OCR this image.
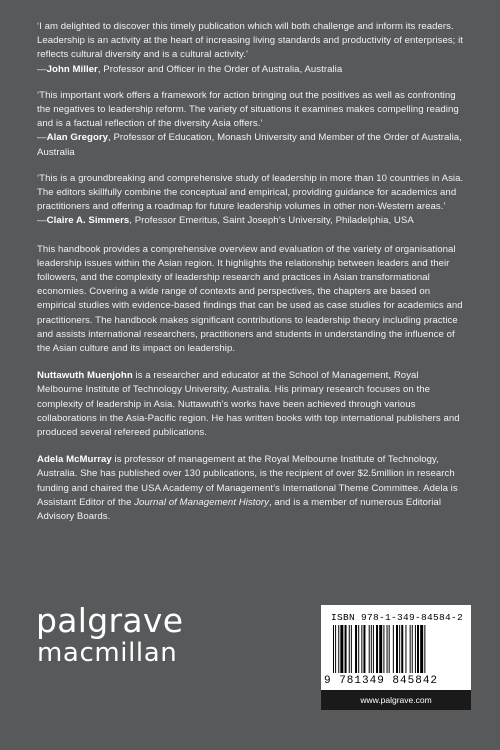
‘I am delighted to discover this timely publication which will both challenge and inform its readers. Leadership is an activity at the heart of increasing living standards and productivity of enterprises; it reflects cultural diversity and is a cultural activity.’
—John Miller, Professor and Officer in the Order of Australia, Australia

‘This important work offers a framework for action bringing out the positives as well as confronting the negatives to leadership reform. The variety of situations it examines makes compelling reading and is a factual reflection of the diversity Asia offers.’
—Alan Gregory, Professor of Education, Monash University and Member of the Order of Australia, Australia

‘This is a groundbreaking and comprehensive study of leadership in more than 10 countries in Asia. The editors skillfully combine the conceptual and empirical, providing guidance for academics and practitioners and offering a roadmap for future leadership volumes in other non-Western areas.’
—Claire A. Simmers, Professor Emeritus, Saint Joseph’s University, Philadelphia, USA

This handbook provides a comprehensive overview and evaluation of the variety of organisational leadership issues within the Asian region. It highlights the relationship between leaders and their followers, and the complexity of leadership research and practices in Asian transformational economies. Covering a wide range of contexts and perspectives, the chapters are based on empirical studies with evidence-based findings that can be used as case studies for academics and practitioners. The handbook makes significant contributions to leadership theory including practice and assists international researchers, practitioners and students in understanding the influence of the Asian culture and its impact on leadership.

Nuttawuth Muenjohn is a researcher and educator at the School of Management, Royal Melbourne Institute of Technology University, Australia. His primary research focuses on the complexity of leadership in Asia. Nuttawuth’s works have been achieved through various collaborations in the Asia-Pacific region. He has written books with top international publishers and produced several refereed publications.

Adela McMurray is professor of management at the Royal Melbourne Institute of Technology, Australia. She has published over 130 publications, is the recipient of over $2.5million in research funding and chaired the USA Academy of Management’s International Theme Committee. Adela is Assistant Editor of the Journal of Management History, and is a member of numerous Editorial Advisory Boards.

palgrave
macmillan
ISBN 978-1-349-84584-2
9 781349 845842
www.palgrave.com
